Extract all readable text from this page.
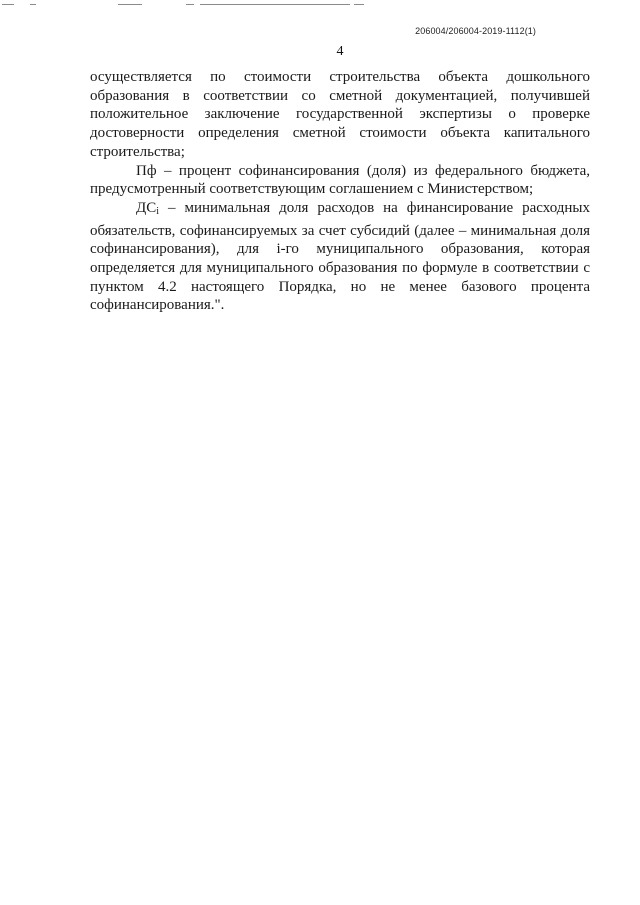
206004/206004-2019-1112(1)
4

осуществляется по стоимости строительства объекта дошкольного образования в соответствии со сметной документацией, получившей положительное заключение государственной экспертизы о проверке достоверности определения сметной стоимости объекта капитального строительства;

Пф – процент софинансирования (доля) из федерального бюджета, предусмотренный соответствующим соглашением с Министерством;

$ДС_i$ – минимальная доля расходов на финансирование расходных обязательств, софинансируемых за счет субсидий (далее – минимальная доля софинансирования), для i-го муниципального образования, которая определяется для муниципального образования по формуле в соответствии с пунктом 4.2 настоящего Порядка, но не менее базового процента софинансирования.".
